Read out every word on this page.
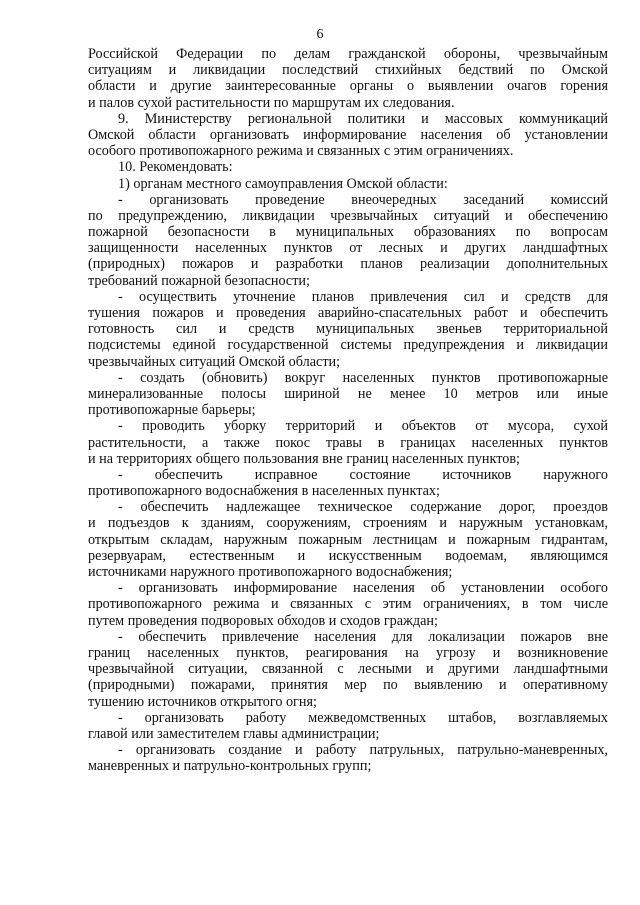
6
Российской Федерации по делам гражданской обороны, чрезвычайным
ситуациям и ликвидации последствий стихийных бедствий по Омской
области и другие заинтересованные органы о выявлении очагов горения
и палов сухой растительности по маршрутам их следования.
9. Министерству региональной политики и массовых коммуникаций
Омской области организовать информирование населения об установлении
особого противопожарного режима и связанных с этим ограничениях.
10. Рекомендовать:
1) органам местного самоуправления Омской области:
- организовать проведение внеочередных заседаний комиссий
по предупреждению, ликвидации чрезвычайных ситуаций и обеспечению
пожарной безопасности в муниципальных образованиях по вопросам
защищенности населенных пунктов от лесных и других ландшафтных
(природных) пожаров и разработки планов реализации дополнительных
требований пожарной безопасности;
- осуществить уточнение планов привлечения сил и средств для
тушения пожаров и проведения аварийно-спасательных работ и обеспечить
готовность сил и средств муниципальных звеньев территориальной
подсистемы единой государственной системы предупреждения и ликвидации
чрезвычайных ситуаций Омской области;
- создать (обновить) вокруг населенных пунктов противопожарные
минерализованные полосы шириной не менее 10 метров или иные
противопожарные барьеры;
- проводить уборку территорий и объектов от мусора, сухой
растительности, а также покос травы в границах населенных пунктов
и на территориях общего пользования вне границ населенных пунктов;
- обеспечить исправное состояние источников наружного
противопожарного водоснабжения в населенных пунктах;
- обеспечить надлежащее техническое содержание дорог, проездов
и подъездов к зданиям, сооружениям, строениям и наружным установкам,
открытым складам, наружным пожарным лестницам и пожарным гидрантам,
резервуарам, естественным и искусственным водоемам, являющимся
источниками наружного противопожарного водоснабжения;
- организовать информирование населения об установлении особого
противопожарного режима и связанных с этим ограничениях, в том числе
путем проведения подворовых обходов и сходов граждан;
- обеспечить привлечение населения для локализации пожаров вне
границ населенных пунктов, реагирования на угрозу и возникновение
чрезвычайной ситуации, связанной с лесными и другими ландшафтными
(природными) пожарами, принятия мер по выявлению и оперативному
тушению источников открытого огня;
- организовать работу межведомственных штабов, возглавляемых
главой или заместителем главы администрации;
- организовать создание и работу патрульных, патрульно-маневренных,
маневренных и патрульно-контрольных групп;
